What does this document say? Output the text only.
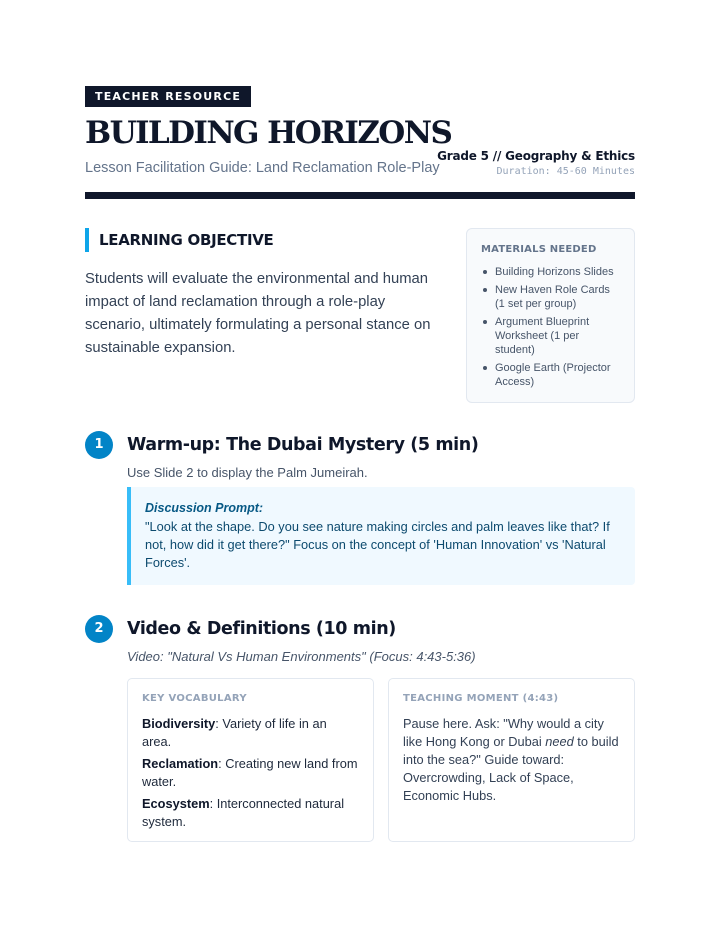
TEACHER RESOURCE
BUILDING HORIZONS
Lesson Facilitation Guide: Land Reclamation Role-Play
Grade 5 // Geography & Ethics
Duration: 45-60 Minutes
LEARNING OBJECTIVE

Students will evaluate the environmental and human impact of land reclamation through a role-play scenario, ultimately formulating a personal stance on sustainable expansion.

MATERIALS NEEDED
Building Horizons Slides
New Haven Role Cards (1 set per group)
Argument Blueprint Worksheet (1 per student)
Google Earth (Projector Access)
1	Warm-up: The Dubai Mystery (5 min)
Use Slide 2 to display the Palm Jumeirah.
Discussion Prompt:
"Look at the shape. Do you see nature making circles and palm leaves like that? If not, how did it get there?" Focus on the concept of 'Human Innovation' vs 'Natural Forces'.
2	Video & Definitions (10 min)
Video: "Natural Vs Human Environments" (Focus: 4:43-5:36)
KEY VOCABULARY
Biodiversity: Variety of life in an area.
Reclamation: Creating new land from water.
Ecosystem: Interconnected natural system.
TEACHING MOMENT (4:43)

Pause here. Ask: "Why would a city like Hong Kong or Dubai need to build into the sea?" Guide toward: Overcrowding, Lack of Space, Economic Hubs.
